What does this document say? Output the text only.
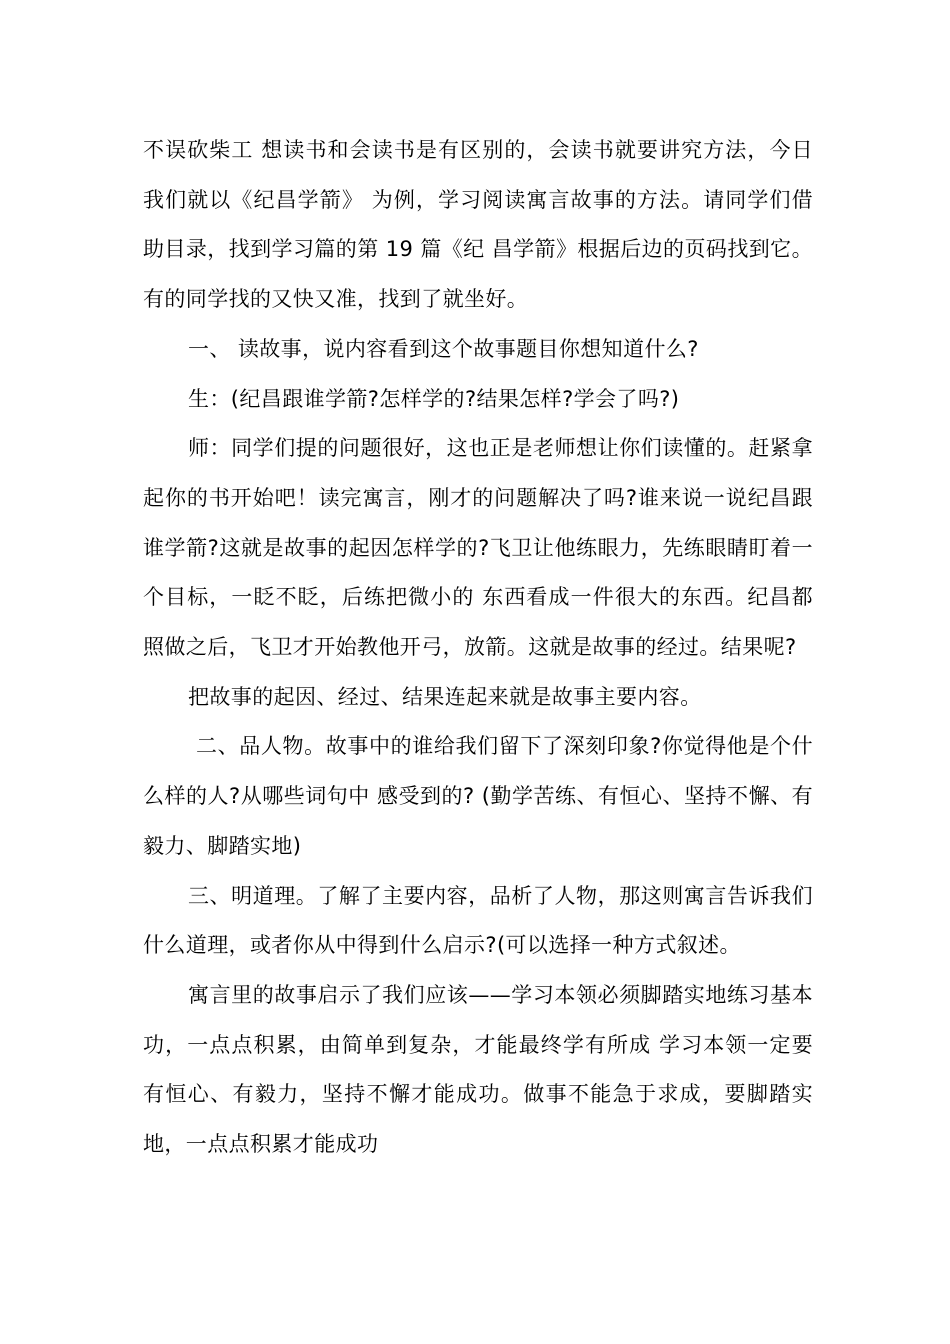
不误砍柴工 想读书和会读书是有区别的，会读书就要讲究方法，今日我们就以《纪昌学箭》 为例，学习阅读寓言故事的方法。请同学们借助目录，找到学习篇的第 19 篇《纪 昌学箭》根据后边的页码找到它。有的同学找的又快又准，找到了就坐好。

一、 读故事，说内容看到这个故事题目你想知道什么?

生：(纪昌跟谁学箭?怎样学的?结果怎样?学会了吗?)

师：同学们提的问题很好，这也正是老师想让你们读懂的。赶紧拿起你的书开始吧！读完寓言，刚才的问题解决了吗?谁来说一说纪昌跟谁学箭?这就是故事的起因怎样学的?飞卫让他练眼力，先练眼睛盯着一个目标，一眨不眨，后练把微小的 东西看成一件很大的东西。纪昌都照做之后，飞卫才开始教他开弓，放箭。这就是故事的经过。结果呢?

把故事的起因、经过、结果连起来就是故事主要内容。

二、品人物。故事中的谁给我们留下了深刻印象?你觉得他是个什么样的人?从哪些词句中 感受到的? (勤学苦练、有恒心、坚持不懈、有毅力、脚踏实地)

三、明道理。了解了主要内容，品析了人物，那这则寓言告诉我们什么道理，或者你从中得到什么启示?(可以选择一种方式叙述。

寓言里的故事启示了我们应该——学习本领必须脚踏实地练习基本功，一点点积累，由简单到复杂，才能最终学有所成 学习本领一定要有恒心、有毅力，坚持不懈才能成功。做事不能急于求成，要脚踏实地，一点点积累才能成功
